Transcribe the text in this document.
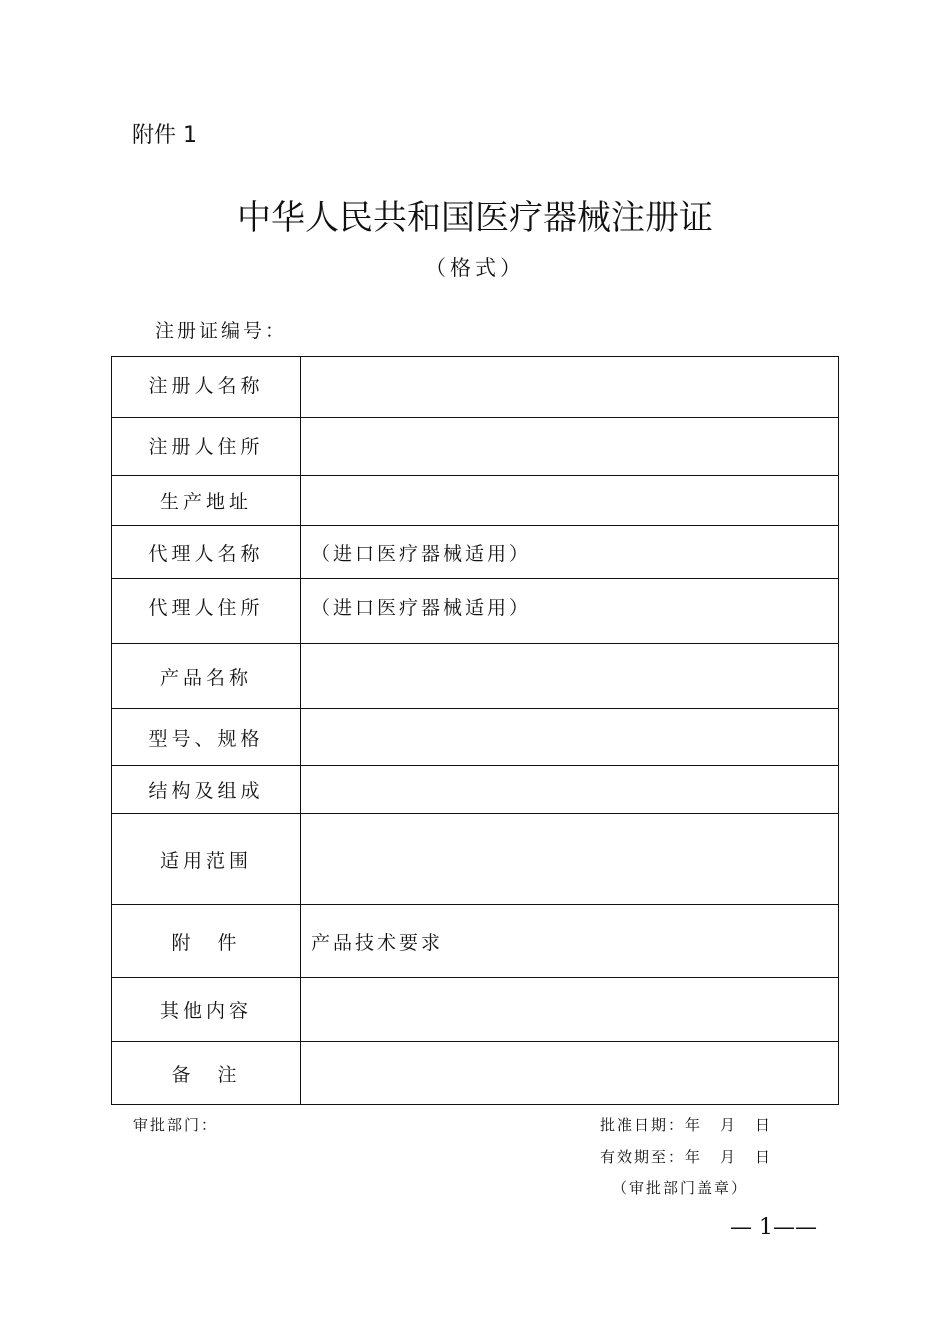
附件 1
中华人民共和国医疗器械注册证
（格式）
注册证编号：
注册人名称	
注册人住所	
生产地址	
代理人名称	（进口医疗器械适用）
代理人住所	（进口医疗器械适用）
产品名称	
型号、规格	
结构及组成	
适用范围	
附　件	产品技术要求
其他内容	
备　注	
审批部门：	批准日期：年 月 日
有效期至：年 月 日
（审批部门盖章）
— 1——
